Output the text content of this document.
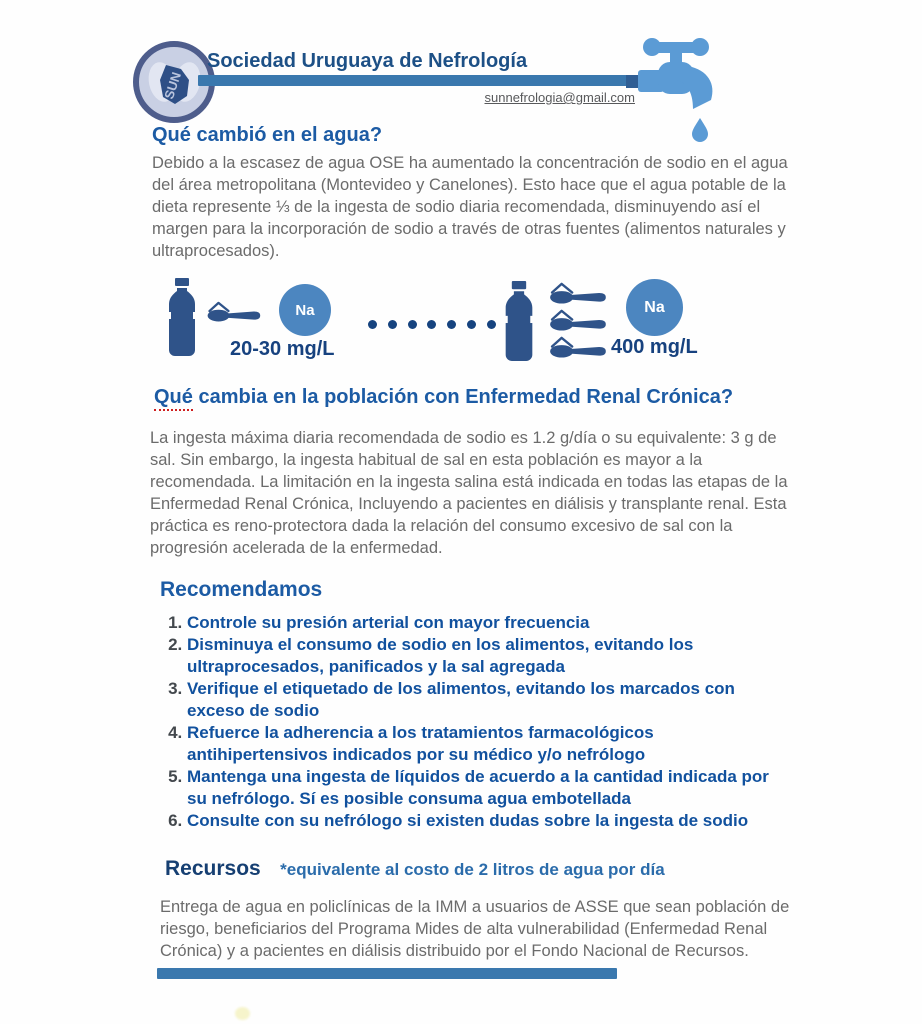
SUN
Sociedad Uruguaya de Nefrología
sunnefrologia@gmail.com
Qué cambió en el agua?

Debido a la escasez de agua OSE ha aumentado la concentración de sodio en el agua del área metropolitana (Montevideo y Canelones). Esto hace que el agua potable de la dieta represente ⅓ de la ingesta de sodio diaria recomendada, disminuyendo así el margen para la incorporación de sodio a través de otras fuentes (alimentos naturales y ultraprocesados).

Na
20-30 mg/L
Na
400 mg/L
Qué cambia en la población con Enfermedad Renal Crónica?

La ingesta máxima diaria recomendada de sodio es 1.2 g/día o su equivalente: 3 g de sal. Sin embargo, la ingesta habitual de sal en esta población es mayor a la recomendada. La limitación en la ingesta salina está indicada en todas las etapas de la Enfermedad Renal Crónica, Incluyendo a pacientes en diálisis y transplante renal. Esta práctica es reno-protectora dada la relación del consumo excesivo de sal con la progresión acelerada de la enfermedad.

Recomendamos
1. Controle su presión arterial con mayor frecuencia
2. Disminuya el consumo de sodio en los alimentos, evitando los ultraprocesados, panificados y la sal agregada
3. Verifique el etiquetado de los alimentos, evitando los marcados con exceso de sodio
4. Refuerce la adherencia a los tratamientos farmacológicos antihipertensivos indicados por su médico y/o nefrólogo
5. Mantenga una ingesta de líquidos de acuerdo a la cantidad indicada por su nefrólogo. Sí es posible consuma agua embotellada
6. Consulte con su nefrólogo si existen dudas sobre la ingesta de sodio
Recursos *equivalente al costo de 2 litros de agua por día

Entrega de agua en policlínicas de la IMM a usuarios de ASSE que sean población de riesgo, beneficiarios del Programa Mides de alta vulnerabilidad (Enfermedad Renal Crónica) y a pacientes en diálisis distribuido por el Fondo Nacional de Recursos.
